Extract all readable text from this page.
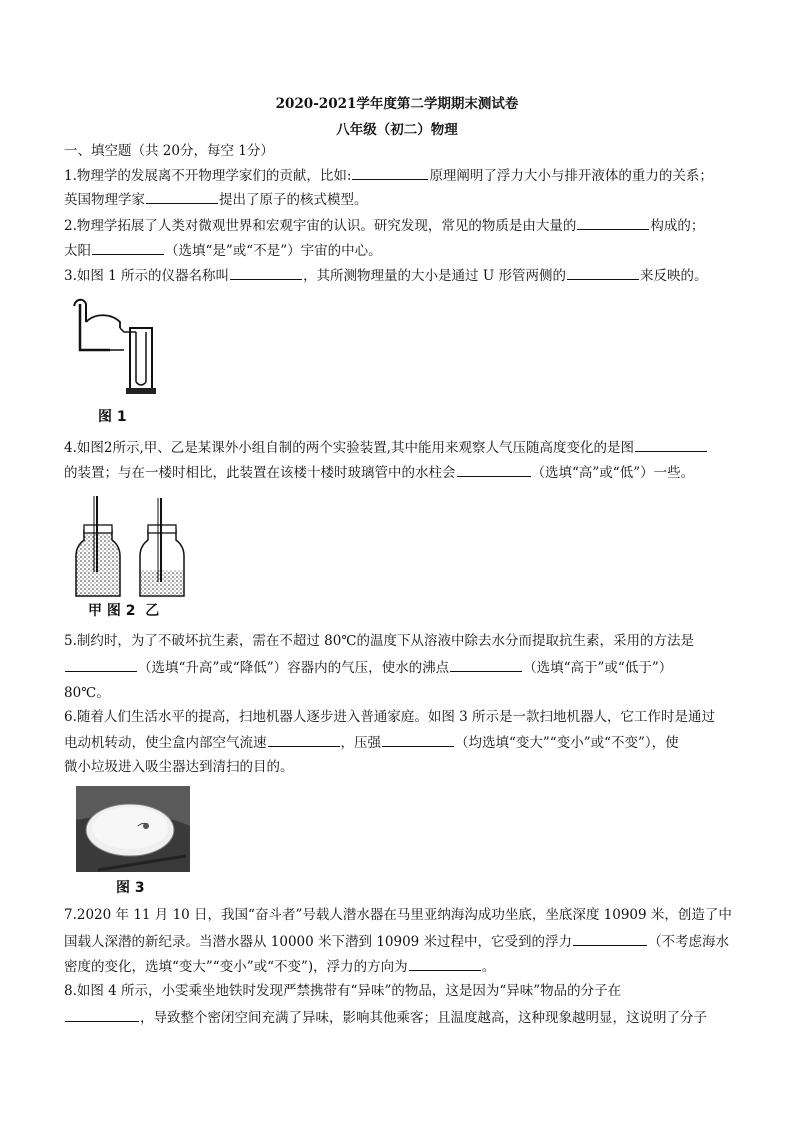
2020-2021学年度第二学期期末测试卷
八年级（初二）物理
一、填空题（共 20分，每空 1分）
1.物理学的发展离不开物理学家们的贡献，比如:	原理阐明了浮力大小与排开液体的重力的关系；
英国物理学家	提出了原子的核式模型。
2.物理学拓展了人类对微观世界和宏观宇宙的认识。研究发现，常见的物质是由大量的	构成的；
太阳	（选填“是”或“不是”）宇宙的中心。
3.如图 1 所示的仪器名称叫	，其所测物理量的大小是通过 U 形管两侧的	来反映的。
图 1
4.如图2所示,甲、乙是某课外小组自制的两个实验装置,其中能用来观察人气压随高度变化的是图
的装置；与在一楼时相比，此装置在该楼十楼时玻璃管中的水柱会	（选填“高”或“低”）一些。
甲 图 2 乙
5.制约时，为了不破坏抗生素，需在不超过 80℃的温度下从溶液中除去水分而提取抗生素，采用的方法是
（选填“升高”或“降低”）容器内的气压，使水的沸点	（选填“高于”或“低于”）
80℃。
6.随着人们生活水平的提高，扫地机器人逐步进入普通家庭。如图 3 所示是一款扫地机器人，它工作时是通过
电动机转动，使尘盒内部空气流速	，压强	（均选填“变大”“变小”或“不变”），使
微小垃圾进入吸尘器达到清扫的目的。
图 3
7.2020 年 11 月 10 日，我国“奋斗者”号载人潜水器在马里亚纳海沟成功坐底，坐底深度 10909 米，创造了中
国载人深潜的新纪录。当潜水器从 10000 米下潜到 10909 米过程中，它受到的浮力	（不考虑海水
密度的变化，选填“变大”“变小”或“不变”)，浮力的方向为	。
8.如图 4 所示，小雯乘坐地铁时发现严禁携带有“异味”的物品，这是因为“异味”物品的分子在
，导致整个密闭空间充满了异味，影响其他乘客；且温度越高，这种现象越明显，这说明了分子
